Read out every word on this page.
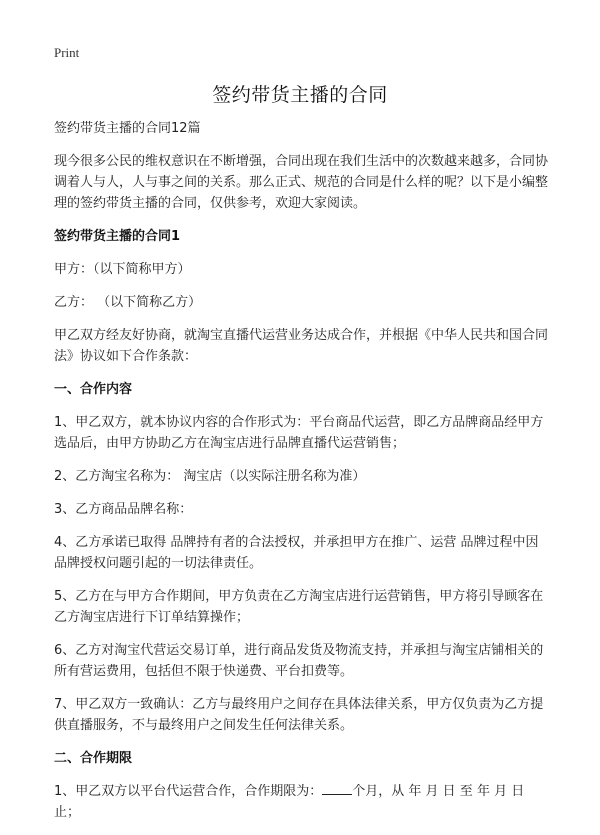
Print
签约带货主播的合同

签约带货主播的合同12篇

现今很多公民的维权意识在不断增强，合同出现在我们生活中的次数越来越多，合同协调着人与人，人与事之间的关系。那么正式、规范的合同是什么样的呢？以下是小编整理的签约带货主播的合同，仅供参考，欢迎大家阅读。

签约带货主播的合同1

甲方：（以下简称甲方）

乙方： （以下简称乙方）

甲乙双方经友好协商，就淘宝直播代运营业务达成合作，并根据《中华人民共和国合同法》协议如下合作条款：

一、合作内容

1、甲乙双方，就本协议内容的合作形式为：平台商品代运营，即乙方品牌商品经甲方选品后，由甲方协助乙方在淘宝店进行品牌直播代运营销售；

2、乙方淘宝名称为： 淘宝店（以实际注册名称为准）

3、乙方商品品牌名称：

4、乙方承诺已取得 品牌持有者的合法授权，并承担甲方在推广、运营 品牌过程中因品牌授权问题引起的一切法律责任。

5、乙方在与甲方合作期间，甲方负责在乙方淘宝店进行运营销售，甲方将引导顾客在乙方淘宝店进行下订单结算操作；

6、乙方对淘宝代营运交易订单，进行商品发货及物流支持，并承担与淘宝店铺相关的所有营运费用，包括但不限于快递费、平台扣费等。

7、甲乙双方一致确认：乙方与最终用户之间存在具体法律关系，甲方仅负责为乙方提供直播服务，不与最终用户之间发生任何法律关系。

二、合作期限

1、甲乙双方以平台代运营合作，合作期限为： 个月，从 年 月 日 至 年 月 日止；
